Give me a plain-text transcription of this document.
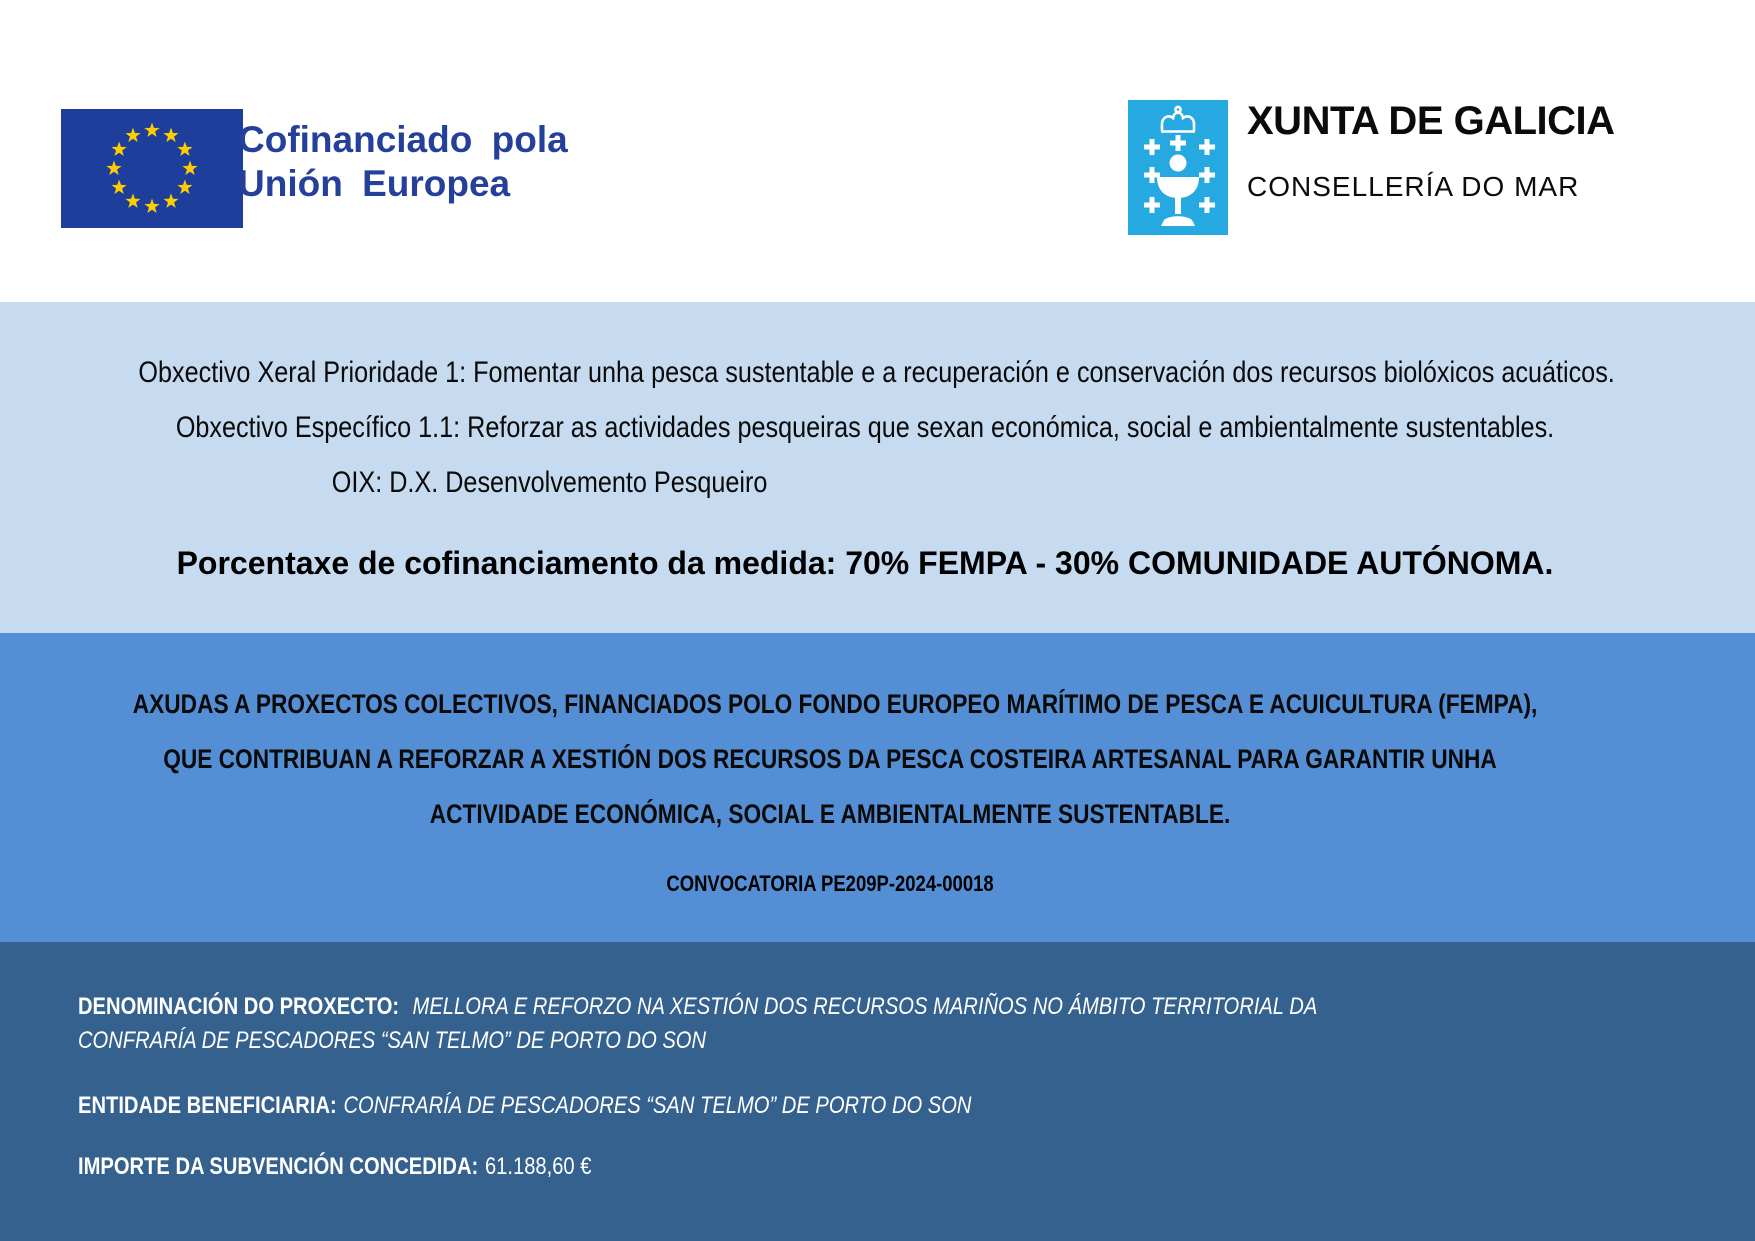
Cofinanciado pola
Unión Europea
XUNTA DE GALICIA
CONSELLERÍA DO MAR
Obxectivo Xeral Prioridade 1: Fomentar unha pesca sustentable e a recuperación e conservación dos recursos biolóxicos acuáticos.
Obxectivo Específico 1.1: Reforzar as actividades pesqueiras que sexan económica, social e ambientalmente sustentables.
OIX: D.X. Desenvolvemento Pesqueiro
Porcentaxe de cofinanciamento da medida: 70% FEMPA - 30% COMUNIDADE AUTÓNOMA.
AXUDAS A PROXECTOS COLECTIVOS, FINANCIADOS POLO FONDO EUROPEO MARÍTIMO DE PESCA E ACUICULTURA (FEMPA),
QUE CONTRIBUAN A REFORZAR A XESTIÓN DOS RECURSOS DA PESCA COSTEIRA ARTESANAL PARA GARANTIR UNHA
ACTIVIDADE ECONÓMICA, SOCIAL E AMBIENTALMENTE SUSTENTABLE.
CONVOCATORIA PE209P-2024-00018
DENOMINACIÓN DO PROXECTO: MELLORA E REFORZO NA XESTIÓN DOS RECURSOS MARIÑOS NO ÁMBITO TERRITORIAL DA CONFRARÍA DE PESCADORES “SAN TELMO” DE PORTO DO SON
ENTIDADE BENEFICIARIA: CONFRARÍA DE PESCADORES “SAN TELMO” DE PORTO DO SON
IMPORTE DA SUBVENCIÓN CONCEDIDA: 61.188,60 €
